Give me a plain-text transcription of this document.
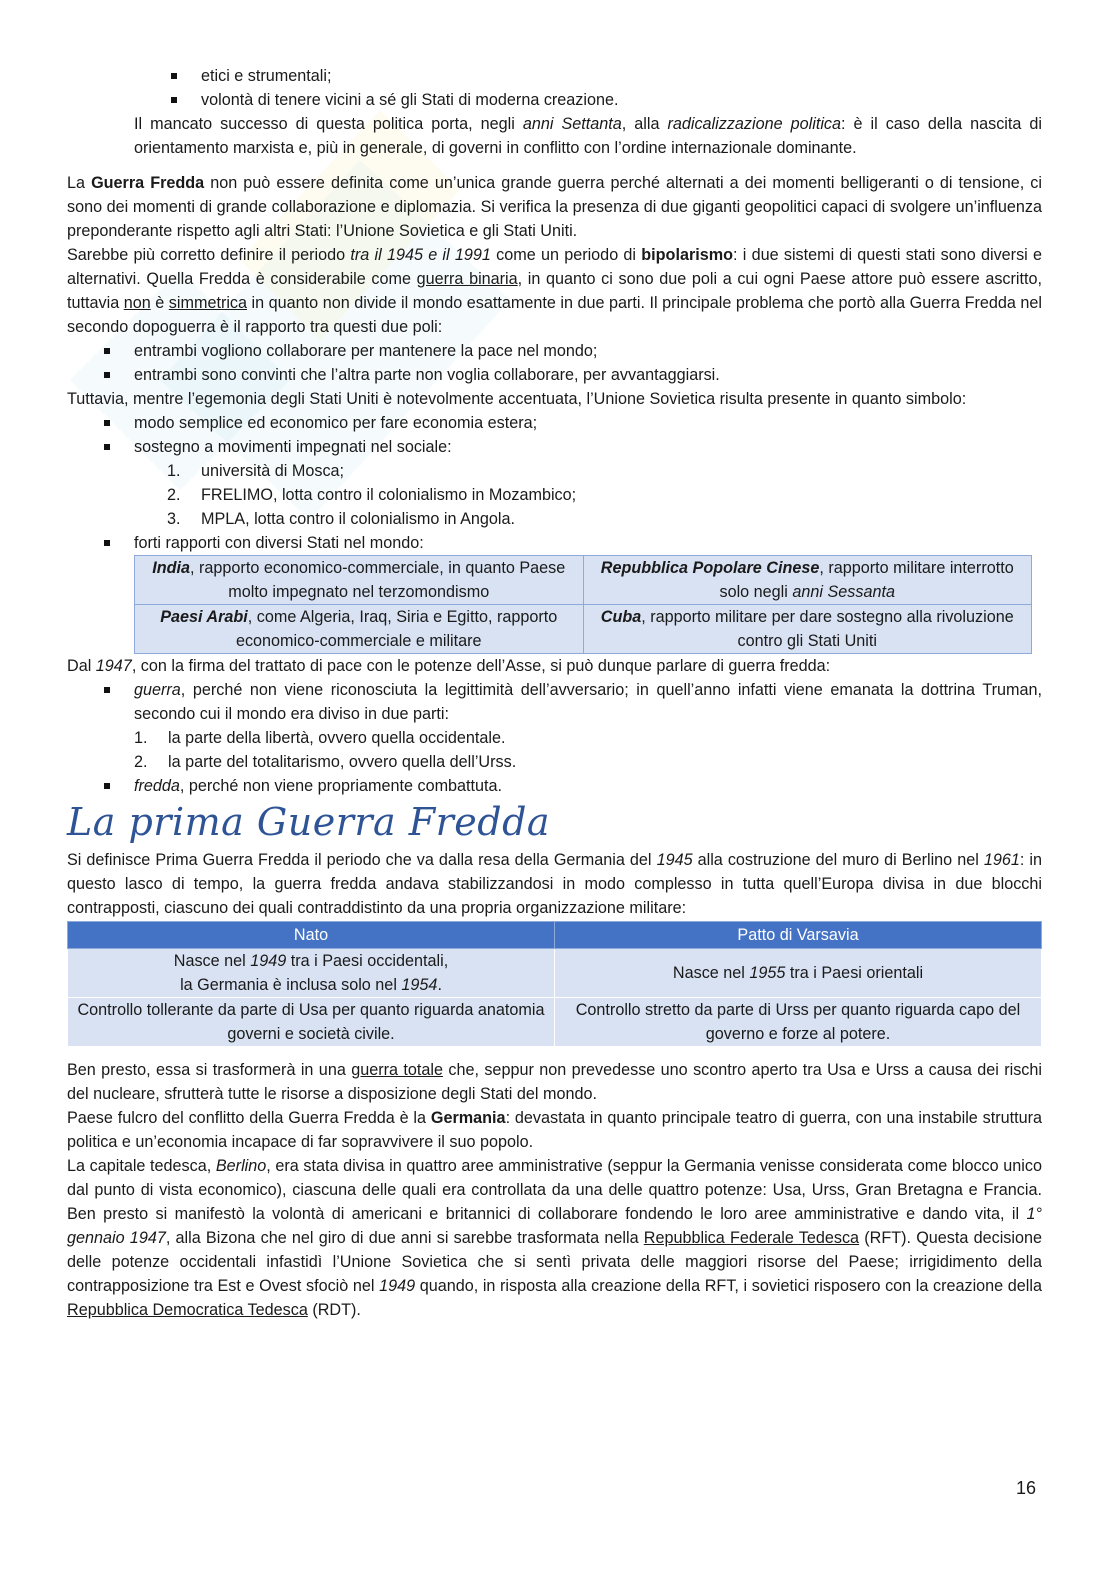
etici e strumentali;
volontà di tenere vicini a sé gli Stati di moderna creazione.

Il mancato successo di questa politica porta, negli anni Settanta, alla radicalizzazione politica: è il caso della nascita di orientamento marxista e, più in generale, di governi in conflitto con l’ordine internazionale dominante.

La Guerra Fredda non può essere definita come un’unica grande guerra perché alternati a dei momenti belligeranti o di tensione, ci sono dei momenti di grande collaborazione e diplomazia. Si verifica la presenza di due giganti geopolitici capaci di svolgere un’influenza preponderante rispetto agli altri Stati: l’Unione Sovietica e gli Stati Uniti.

Sarebbe più corretto definire il periodo tra il 1945 e il 1991 come un periodo di bipolarismo: i due sistemi di questi stati sono diversi e alternativi. Quella Fredda è considerabile come guerra binaria, in quanto ci sono due poli a cui ogni Paese attore può essere ascritto, tuttavia non è simmetrica in quanto non divide il mondo esattamente in due parti. Il principale problema che portò alla Guerra Fredda nel secondo dopoguerra è il rapporto tra questi due poli:

entrambi vogliono collaborare per mantenere la pace nel mondo;
entrambi sono convinti che l’altra parte non voglia collaborare, per avvantaggiarsi.

Tuttavia, mentre l’egemonia degli Stati Uniti è notevolmente accentuata, l’Unione Sovietica risulta presente in quanto simbolo:

modo semplice ed economico per fare economia estera;
sostegno a movimenti impegnati nel sociale:
1. università di Mosca;
2. FRELIMO, lotta contro il colonialismo in Mozambico;
3. MPLA, lotta contro il colonialismo in Angola.
forti rapporti con diversi Stati nel mondo:
India, rapporto economico-commerciale, in quanto Paese molto impegnato nel terzomondismo	Repubblica Popolare Cinese, rapporto militare interrotto solo negli anni Sessanta
Paesi Arabi, come Algeria, Iraq, Siria e Egitto, rapporto economico-commerciale e militare	Cuba, rapporto militare per dare sostegno alla rivoluzione contro gli Stati Uniti

Dal 1947, con la firma del trattato di pace con le potenze dell’Asse, si può dunque parlare di guerra fredda:

guerra, perché non viene riconosciuta la legittimità dell’avversario; in quell’anno infatti viene emanata la dottrina Truman, secondo cui il mondo era diviso in due parti:
1. la parte della libertà, ovvero quella occidentale.
2. la parte del totalitarismo, ovvero quella dell’Urss.
fredda, perché non viene propriamente combattuta.
La prima Guerra Fredda

Si definisce Prima Guerra Fredda il periodo che va dalla resa della Germania del 1945 alla costruzione del muro di Berlino nel 1961: in questo lasco di tempo, la guerra fredda andava stabilizzandosi in modo complesso in tutta quell’Europa divisa in due blocchi contrapposti, ciascuno dei quali contraddistinto da una propria organizzazione militare:

Nato	Patto di Varsavia
Nasce nel 1949 tra i Paesi occidentali,
la Germania è inclusa solo nel 1954.	Nasce nel 1955 tra i Paesi orientali
Controllo tollerante da parte di Usa per quanto riguarda anatomia governi e società civile.	Controllo stretto da parte di Urss per quanto riguarda capo del governo e forze al potere.

Ben presto, essa si trasformerà in una guerra totale che, seppur non prevedesse uno scontro aperto tra Usa e Urss a causa dei rischi del nucleare, sfrutterà tutte le risorse a disposizione degli Stati del mondo.

Paese fulcro del conflitto della Guerra Fredda è la Germania: devastata in quanto principale teatro di guerra, con una instabile struttura politica e un’economia incapace di far sopravvivere il suo popolo.

La capitale tedesca, Berlino, era stata divisa in quattro aree amministrative (seppur la Germania venisse considerata come blocco unico dal punto di vista economico), ciascuna delle quali era controllata da una delle quattro potenze: Usa, Urss, Gran Bretagna e Francia. Ben presto si manifestò la volontà di americani e britannici di collaborare fondendo le loro aree amministrative e dando vita, il 1° gennaio 1947, alla Bizona che nel giro di due anni si sarebbe trasformata nella Repubblica Federale Tedesca (RFT). Questa decisione delle potenze occidentali infastidì l’Unione Sovietica che si sentì privata delle maggiori risorse del Paese; irrigidimento della contrapposizione tra Est e Ovest sfociò nel 1949 quando, in risposta alla creazione della RFT, i sovietici risposero con la creazione della Repubblica Democratica Tedesca (RDT).

16
